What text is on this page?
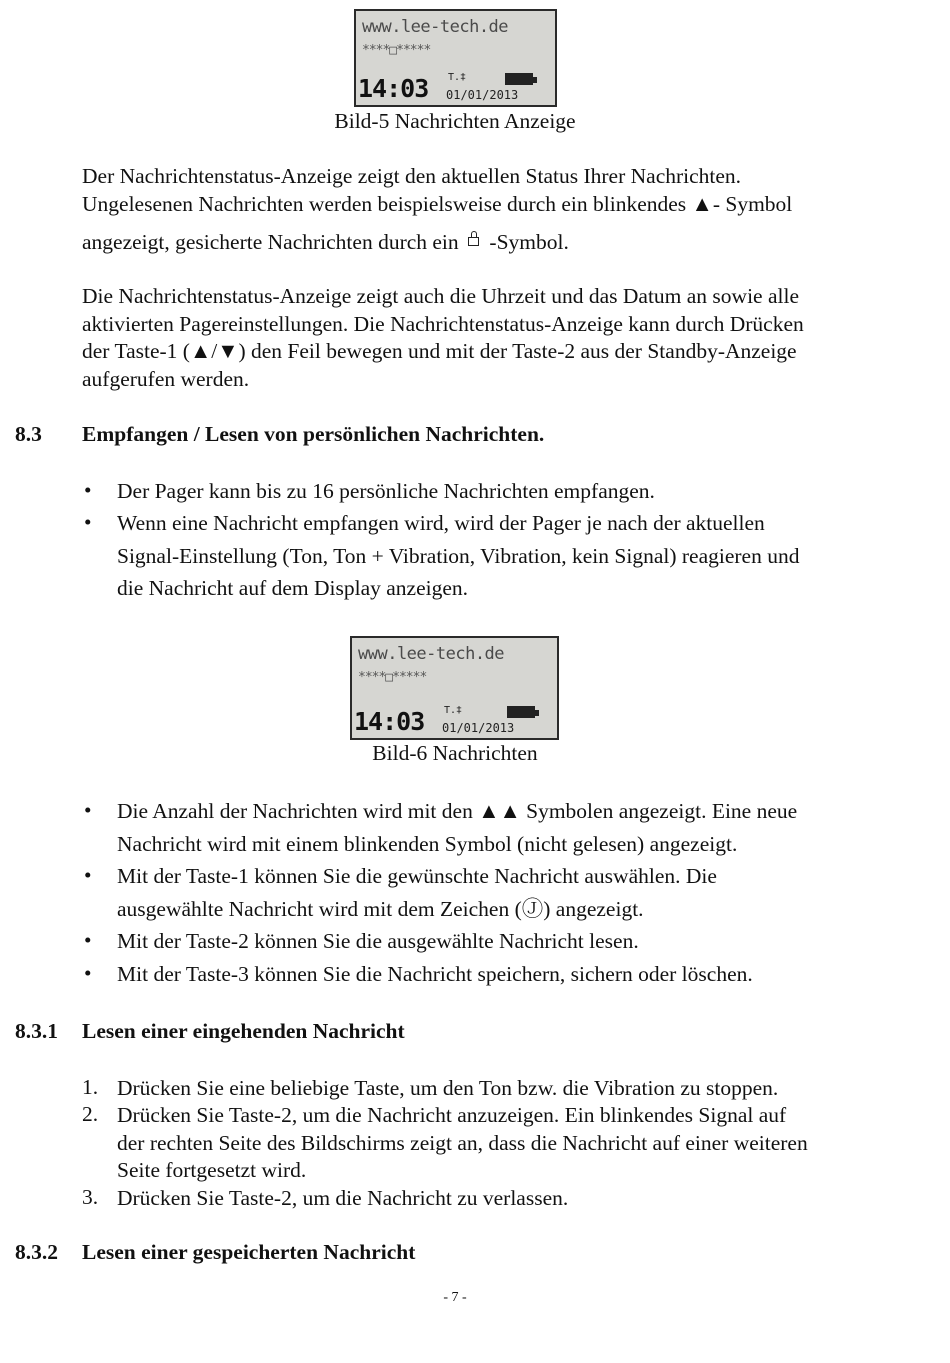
www.lee-tech.de
****□*****
14:03 T.‡
01/01/2013
Bild-5 Nachrichten Anzeige
Der Nachrichtenstatus-Anzeige zeigt den aktuellen Status Ihrer Nachrichten.
Ungelesenen Nachrichten werden beispielsweise durch ein blinkendes ▲- Symbol
angezeigt, gesicherte Nachrichten durch ein -Symbol.
Die Nachrichtenstatus-Anzeige zeigt auch die Uhrzeit und das Datum an sowie alle
aktivierten Pagereinstellungen. Die Nachrichtenstatus-Anzeige kann durch Drücken
der Taste-1 (▲/▼) den Feil bewegen und mit der Taste-2 aus der Standby-Anzeige
aufgerufen werden.
8.3 Empfangen / Lesen von persönlichen Nachrichten.
• Der Pager kann bis zu 16 persönliche Nachrichten empfangen.
• Wenn eine Nachricht empfangen wird, wird der Pager je nach der aktuellen
Signal-Einstellung (Ton, Ton + Vibration, Vibration, kein Signal) reagieren und
die Nachricht auf dem Display anzeigen.
www.lee-tech.de
****□*****
14:03 T.‡
01/01/2013
Bild-6 Nachrichten
• Die Anzahl der Nachrichten wird mit den ▲▲ Symbolen angezeigt. Eine neue
Nachricht wird mit einem blinkenden Symbol (nicht gelesen) angezeigt.
• Mit der Taste-1 können Sie die gewünschte Nachricht auswählen. Die
ausgewählte Nachricht wird mit dem Zeichen (Ⓙ) angezeigt.
• Mit der Taste-2 können Sie die ausgewählte Nachricht lesen.
• Mit der Taste-3 können Sie die Nachricht speichern, sichern oder löschen.
8.3.1 Lesen einer eingehenden Nachricht
1. Drücken Sie eine beliebige Taste, um den Ton bzw. die Vibration zu stoppen.
2. Drücken Sie Taste-2, um die Nachricht anzuzeigen. Ein blinkendes Signal auf
der rechten Seite des Bildschirms zeigt an, dass die Nachricht auf einer weiteren
Seite fortgesetzt wird.
3. Drücken Sie Taste-2, um die Nachricht zu verlassen.
8.3.2 Lesen einer gespeicherten Nachricht
- 7 -
